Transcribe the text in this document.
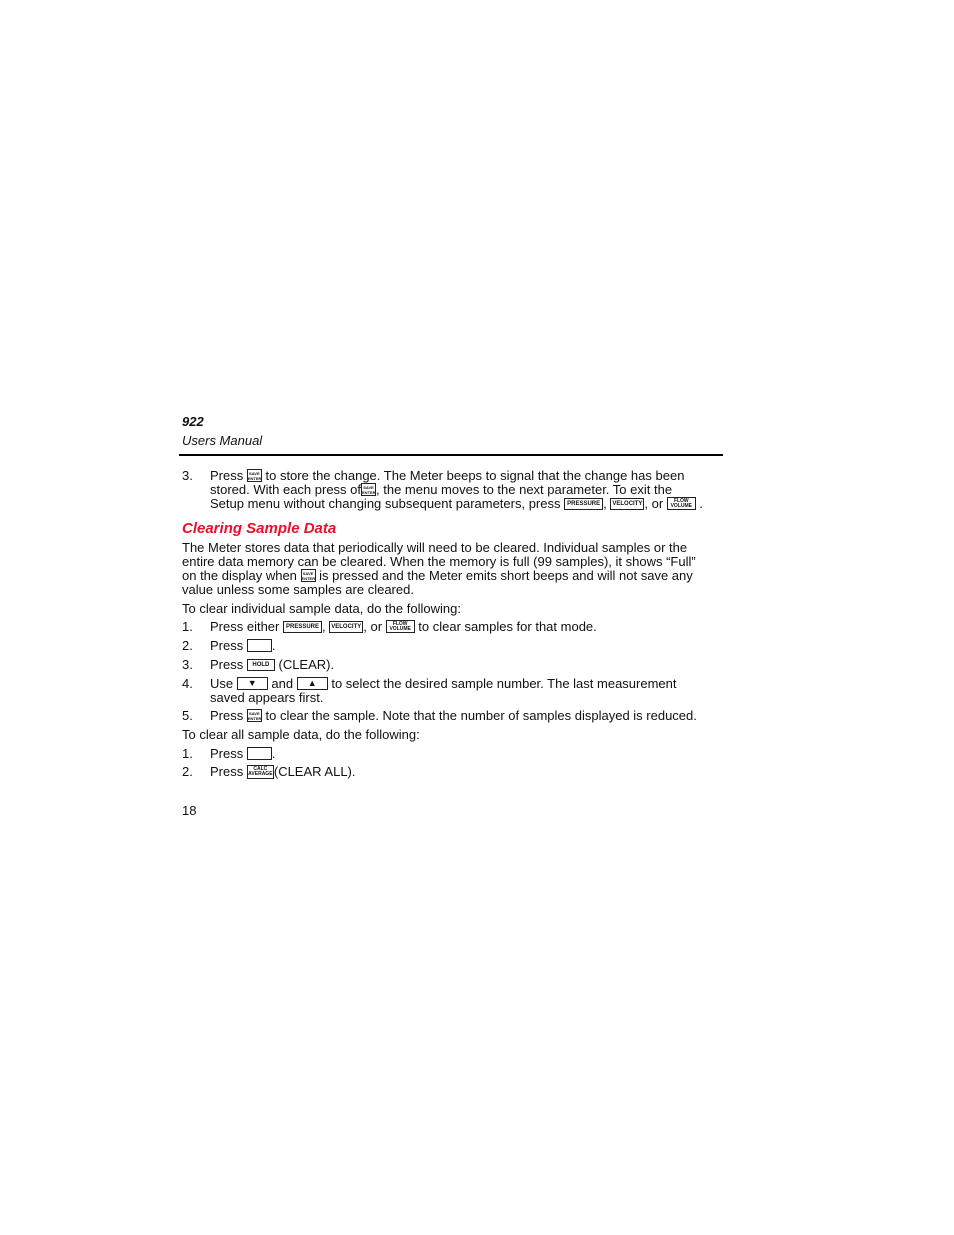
922
Users Manual
3. Press SAVE
ENTER to store the change. The Meter beeps to signal that the change has been
stored. With each press of SAVE
ENTER , the menu moves to the next parameter. To exit the
Setup menu without changing subsequent parameters, press PRESSURE , VELOCITY , or	FLOW
VOLUME .
Clearing Sample Data
The Meter stores data that periodically will need to be cleared. Individual samples or the
entire data memory can be cleared. When the memory is full (99 samples), it shows “Full”
on the display when SAVE
ENTER is pressed and the Meter emits short beeps and will not save any
value unless some samples are cleared.
To clear individual sample data, do the following:
1. Press either PRESSURE , VELOCITY , or	FLOW
VOLUME to clear samples for that mode.
2. Press .
3. Press HOLD (CLEAR).
4. Use ▼ and ▲ to select the desired sample number. The last measurement
saved appears first.
5. Press SAVE
ENTER to clear the sample. Note that the number of samples displayed is reduced.
To clear all sample data, do the following:
1. Press .
2. Press	CALC
AVERAGE (CLEAR ALL).
18
